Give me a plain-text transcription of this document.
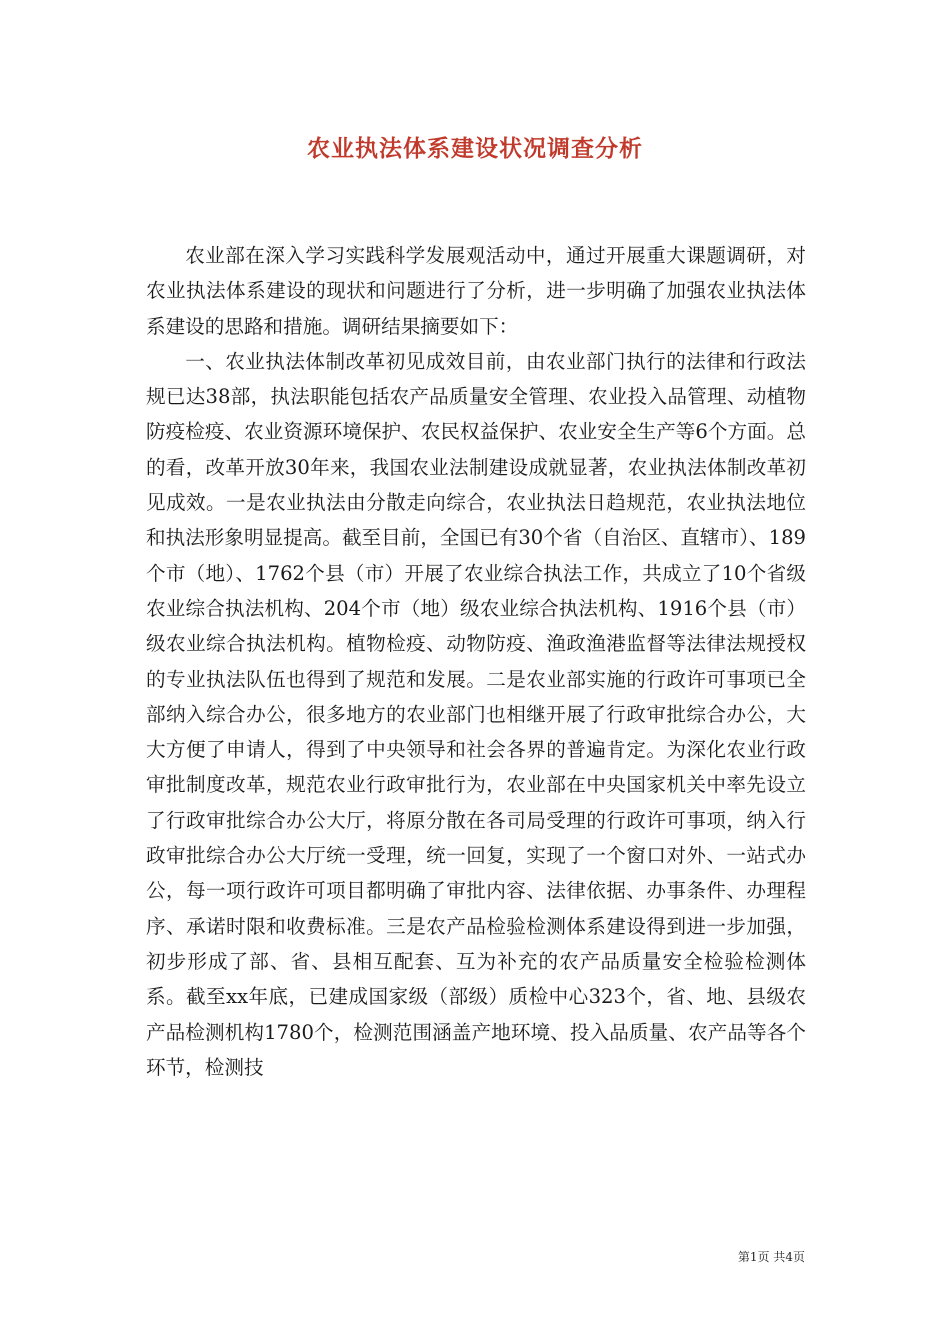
农业执法体系建设状况调查分析

农业部在深入学习实践科学发展观活动中，通过开展重大课题调研，对农业执法体系建设的现状和问题进行了分析，进一步明确了加强农业执法体系建设的思路和措施。调研结果摘要如下：

一、农业执法体制改革初见成效目前，由农业部门执行的法律和行政法规已达38部，执法职能包括农产品质量安全管理、农业投入品管理、动植物防疫检疫、农业资源环境保护、农民权益保护、农业安全生产等6个方面。总的看，改革开放30年来，我国农业法制建设成就显著，农业执法体制改革初见成效。一是农业执法由分散走向综合，农业执法日趋规范，农业执法地位和执法形象明显提高。截至目前，全国已有30个省（自治区、直辖市）、189个市（地）、1762个县（市）开展了农业综合执法工作，共成立了10个省级农业综合执法机构、204个市（地）级农业综合执法机构、1916个县（市）级农业综合执法机构。植物检疫、动物防疫、渔政渔港监督等法律法规授权的专业执法队伍也得到了规范和发展。二是农业部实施的行政许可事项已全部纳入综合办公，很多地方的农业部门也相继开展了行政审批综合办公，大大方便了申请人，得到了中央领导和社会各界的普遍肯定。为深化农业行政审批制度改革，规范农业行政审批行为，农业部在中央国家机关中率先设立了行政审批综合办公大厅，将原分散在各司局受理的行政许可事项，纳入行政审批综合办公大厅统一受理，统一回复，实现了一个窗口对外、一站式办公，每一项行政许可项目都明确了审批内容、法律依据、办事条件、办理程序、承诺时限和收费标准。三是农产品检验检测体系建设得到进一步加强，初步形成了部、省、县相互配套、互为补充的农产品质量安全检验检测体系。截至xx年底，已建成国家级（部级）质检中心323个，省、地、县级农产品检测机构1780个，检测范围涵盖产地环境、投入品质量、农产品等各个环节，检测技

第1页 共4页
